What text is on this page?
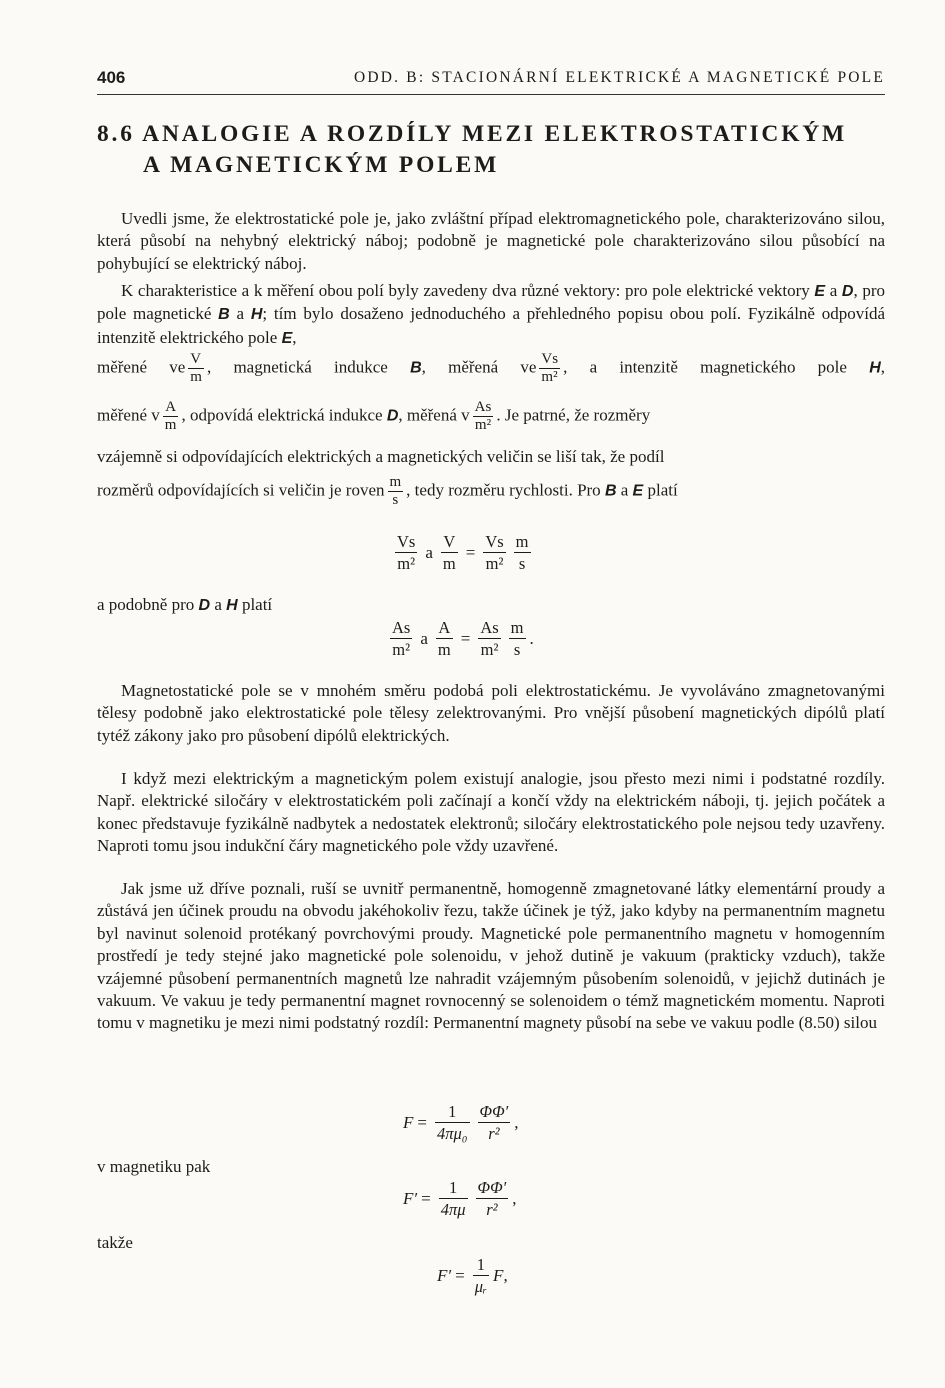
406	ODD. B: STACIONÁRNÍ ELEKTRICKÉ A MAGNETICKÉ POLE
8.6 ANALOGIE A ROZDÍLY MEZI ELEKTROSTATICKÝM
A MAGNETICKÝM POLEM
Uvedli jsme, že elektrostatické pole je, jako zvláštní případ elektromagnetického pole, charakterizováno silou, která působí na nehybný elektrický náboj; podobně je magnetické pole charakterizováno silou působící na pohybující se elektrický náboj.
K charakteristice a k měření obou polí byly zavedeny dva různé vektory: pro pole elektrické vektory E a D, pro pole magnetické B a H; tím bylo dosaženo jednoduchého a přehledného popisu obou polí. Fyzikálně odpovídá intenzitě elektrického pole E,
měřené ve $\frac{V}{m}$ , magnetická indukce B, měřená ve $\frac{Vs}{\text{m²}}$ , a intenzitě magnetického pole H,
měřené v $\frac{A}{m}$ , odpovídá elektrická indukce D, měřená v $\frac{As}{\text{m²}}$ . Je patrné, že rozměry
vzájemně si odpovídajících elektrických a magnetických veličin se liší tak, že podíl
rozměrů odpovídajících si veličin je roven $\frac{m}{s}$ , tedy rozměru rychlosti. Pro B a E platí
$\frac{Vs}{\text{m²}}$ a $\frac{V}{m} = \frac{Vs}{\text{m²}} \frac{m}{s}$
a podobně pro D a H platí
$\frac{As}{\text{m²}}$ a $\frac{A}{m} = \frac{As}{\text{m²}} \frac{m}{s}$ .
Magnetostatické pole se v mnohém směru podobá poli elektrostatickému. Je vyvoláváno zmagnetovanými tělesy podobně jako elektrostatické pole tělesy zelektrovanými. Pro vnější působení magnetických dipólů platí tytéž zákony jako pro působení dipólů elektrických.
I když mezi elektrickým a magnetickým polem existují analogie, jsou přesto mezi nimi i podstatné rozdíly. Např. elektrické siločáry v elektrostatickém poli začínají a končí vždy na elektrickém náboji, tj. jejich počátek a konec představuje fyzikálně nadbytek a nedostatek elektronů; siločáry elektrostatického pole nejsou tedy uzavřeny. Naproti tomu jsou indukční čáry magnetického pole vždy uzavřené.
Jak jsme už dříve poznali, ruší se uvnitř permanentně, homogenně zmagnetované látky elementární proudy a zůstává jen účinek proudu na obvodu jakéhokoliv řezu, takže účinek je týž, jako kdyby na permanentním magnetu byl navinut solenoid protékaný povrchovými proudy. Magnetické pole permanentního magnetu v homogenním prostředí je tedy stejné jako magnetické pole solenoidu, v jehož dutině je vakuum (prakticky vzduch), takže vzájemné působení permanentních magnetů lze nahradit vzájemným působením solenoidů, v jejichž dutinách je vakuum. Ve vakuu je tedy permanentní magnet rovnocenný se solenoidem o témž magnetickém momentu. Naproti tomu v magnetiku je mezi nimi podstatný rozdíl: Permanentní magnety působí na sebe ve vakuu podle (8.50) silou
$F = \frac{1}{\text{4πμ₀}} \frac{\Phi\Phi'}{\text{r²}}$ ,
v magnetiku pak
$F' = \frac{1}{4\pi\mu} \frac{\Phi\Phi'}{\text{r²}}$ ,
takže
$F' = \frac{1}{\text{μᵣ}}$ F ,
